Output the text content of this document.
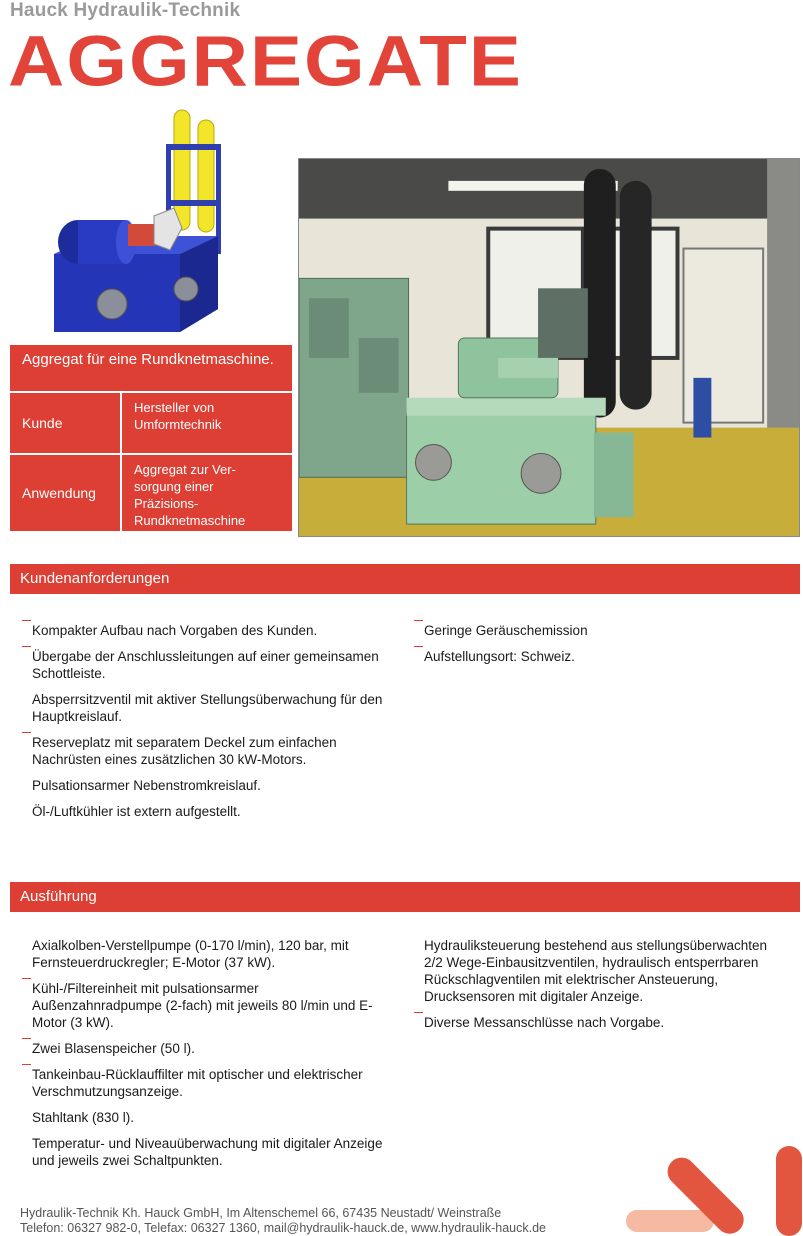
Hauck Hydraulik-Technik
AGGREGATE
Aggregat für eine Rundknetmaschine.
Kunde
Hersteller von Umformtechnik
Anwendung
Aggregat zur Ver-sorgung einer Präzisions-Rundknetmaschine
Kundenanforderungen

Kompakter Aufbau nach Vorgaben des Kunden.

Übergabe der Anschlussleitungen auf einer gemeinsamen Schottleiste.

Absperrsitzventil mit aktiver Stellungsüberwachung für den Hauptkreislauf.

Reserveplatz mit separatem Deckel zum einfachen Nachrüsten eines zusätzlichen 30 kW-Motors.

Pulsationsarmer Nebenstromkreislauf.

Öl-/Luftkühler ist extern aufgestellt.

Geringe Geräuschemission

Aufstellungsort: Schweiz.

Ausführung

Axialkolben-Verstellpumpe (0-170 l/min), 120 bar, mit Fernsteuerdruckregler; E-Motor (37 kW).

Kühl-/Filtereinheit mit pulsationsarmer Außenzahnradpumpe (2-fach) mit jeweils 80 l/min und E-Motor (3 kW).

Zwei Blasenspeicher (50 l).

Tankeinbau-Rücklauffilter mit optischer und elektrischer Verschmutzungsanzeige.

Stahltank (830 l).

Temperatur- und Niveauüberwachung mit digitaler Anzeige und jeweils zwei Schaltpunkten.

Hydrauliksteuerung bestehend aus stellungsüberwachten 2/2 Wege-Einbausitzventilen, hydraulisch entsperrbaren Rückschlagventilen mit elektrischer Ansteuerung, Drucksensoren mit digitaler Anzeige.

Diverse Messanschlüsse nach Vorgabe.

Hydraulik-Technik Kh. Hauck GmbH, Im Altenschemel 66, 67435 Neustadt/ Weinstraße
Telefon: 06327 982-0, Telefax: 06327 1360, mail@hydraulik-hauck.de, www.hydraulik-hauck.de
